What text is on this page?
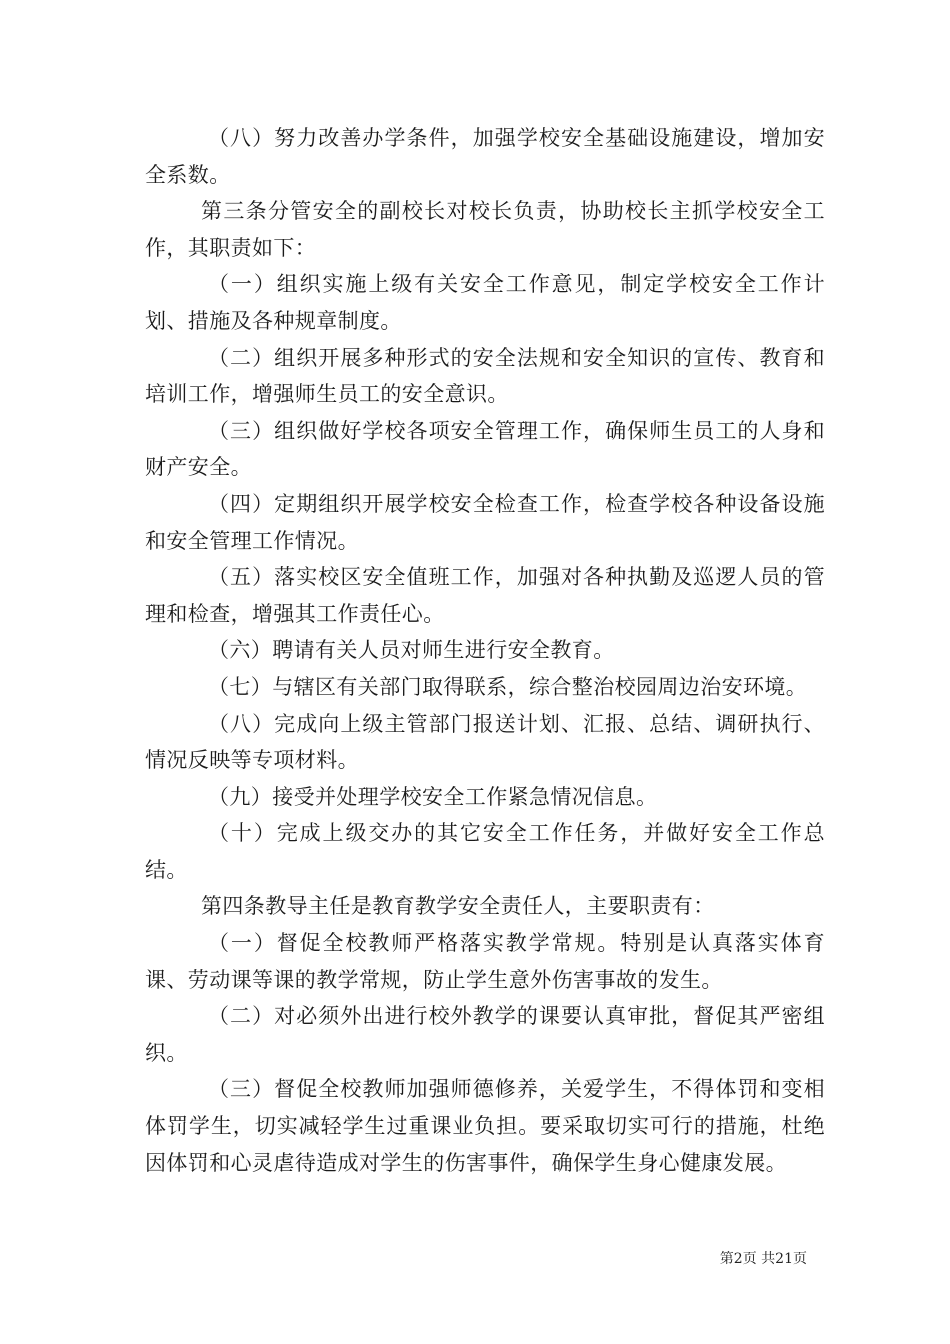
（八）努力改善办学条件，加强学校安全基础设施建设，增加安全系数。

第三条分管安全的副校长对校长负责，协助校长主抓学校安全工作，其职责如下：

（一）组织实施上级有关安全工作意见，制定学校安全工作计划、措施及各种规章制度。

（二）组织开展多种形式的安全法规和安全知识的宣传、教育和培训工作，增强师生员工的安全意识。

（三）组织做好学校各项安全管理工作，确保师生员工的人身和财产安全。

（四）定期组织开展学校安全检查工作，检查学校各种设备设施和安全管理工作情况。

（五）落实校区安全值班工作，加强对各种执勤及巡逻人员的管理和检查，增强其工作责任心。

（六）聘请有关人员对师生进行安全教育。

（七）与辖区有关部门取得联系，综合整治校园周边治安环境。

（八）完成向上级主管部门报送计划、汇报、总结、调研执行、情况反映等专项材料。

（九）接受并处理学校安全工作紧急情况信息。

（十）完成上级交办的其它安全工作任务，并做好安全工作总结。

第四条教导主任是教育教学安全责任人，主要职责有：

（一）督促全校教师严格落实教学常规。特别是认真落实体育课、劳动课等课的教学常规，防止学生意外伤害事故的发生。

（二）对必须外出进行校外教学的课要认真审批，督促其严密组织。

（三）督促全校教师加强师德修养，关爱学生，不得体罚和变相体罚学生，切实减轻学生过重课业负担。要采取切实可行的措施，杜绝因体罚和心灵虐待造成对学生的伤害事件，确保学生身心健康发展。

第2页 共21页
